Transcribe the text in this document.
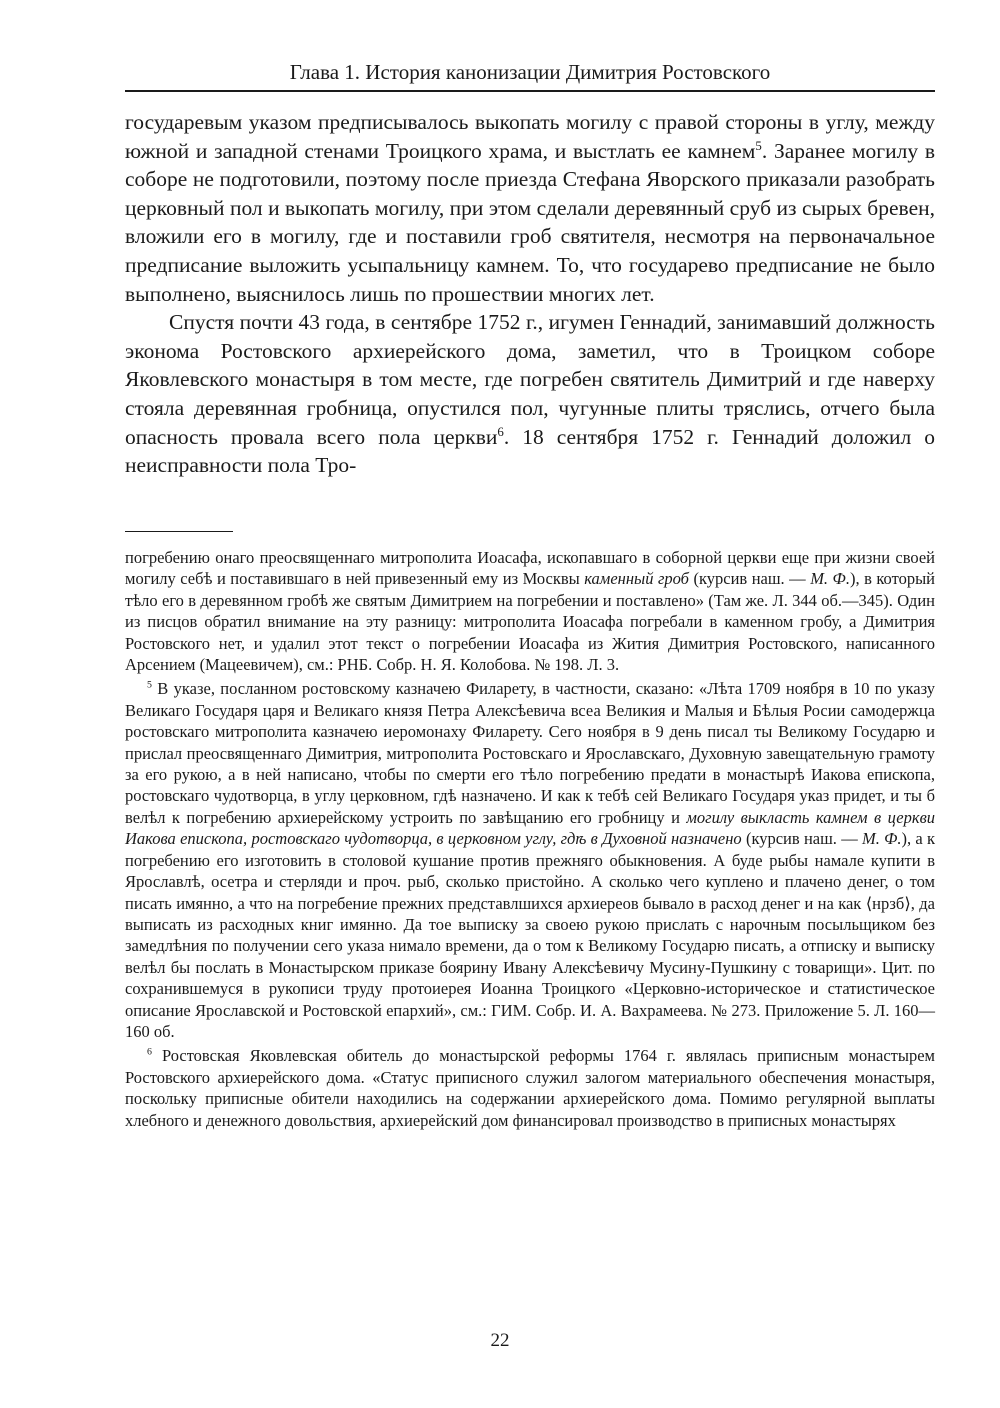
Глава 1. История канонизации Димитрия Ростовского

государевым указом предписывалось выкопать могилу с правой стороны в углу, между южной и западной стенами Троицкого храма, и выстлать ее камнем$^5$. Заранее могилу в соборе не подготовили, поэтому после приезда Стефана Яворского приказали разобрать церковный пол и выкопать могилу, при этом сделали деревянный сруб из сырых бревен, вложили его в могилу, где и поставили гроб святителя, несмотря на первоначальное предписание выложить усыпальницу камнем. То, что государево предписание не было выполнено, выяснилось лишь по прошествии многих лет.

Спустя почти 43 года, в сентябре 1752 г., игумен Геннадий, занимавший должность эконома Ростовского архиерейского дома, заметил, что в Троицком соборе Яковлевского монастыря в том месте, где погребен святитель Димитрий и где наверху стояла деревянная гробница, опустился пол, чугунные плиты тряслись, отчего была опасность провала всего пола церкви$^6$. 18 сентября 1752 г. Геннадий доложил о неисправности пола Тро-

погребению онаго преосвященнаго митрополита Иоасафа, ископавшаго в соборной церкви еще при жизни своей могилу себѣ и поставившаго в ней привезенный ему из Москвы каменный гроб (курсив наш. — М. Ф.), в который тѣло его в деревянном гробѣ же святым Димитрием на погребении и поставлено» (Там же. Л. 344 об.—345). Один из писцов обратил внимание на эту разницу: митрополита Иоасафа погребали в каменном гробу, а Димитрия Ростовского нет, и удалил этот текст о погребении Иоасафа из Жития Димитрия Ростовского, написанного Арсением (Мацеевичем), см.: РНБ. Собр. Н. Я. Колобова. № 198. Л. 3.

$^5$ В указе, посланном ростовскому казначею Филарету, в частности, сказано: «Лѣта 1709 ноября в 10 по указу Великаго Государя царя и Великаго князя Петра Алексѣевича всеа Великия и Малыя и Бѣлыя Росии самодержца ростовскаго митрополита казначею иеромонаху Филарету. Сего ноября в 9 день писал ты Великому Государю и прислал преосвященнаго Димитрия, митрополита Ростовскаго и Ярославскаго, Духовную завещательную грамоту за его рукою, а в ней написано, чтобы по смерти его тѣло погребению предати в монастырѣ Иакова епископа, ростовскаго чудотворца, в углу церковном, гдѣ назначено. И как к тебѣ сей Великаго Государя указ придет, и ты б велѣл к погребению архиерейскому устроить по завѣщанию его гробницу и могилу выкласть камнем в церкви Иакова епископа, ростовскаго чудотворца, в церковном углу, гдѣ в Духовной назначено (курсив наш. — М. Ф.), а к погребению его изготовить в столовой кушание против прежняго обыкновения. А буде рыбы намале купити в Ярославлѣ, осетра и стерляди и проч. рыб, сколько пристойно. А сколько чего куплено и плачено денег, о том писать имянно, а что на погребение прежних представлшихся архиереов бывало в расход денег и на как ⟨нрзб⟩, да выписать из расходных книг имянно. Да тое выписку за своею рукою прислать с нарочным посыльщиком без замедлѣния по получении сего указа нимало времени, да о том к Великому Государю писать, а отписку и выписку велѣл бы послать в Монастырском приказе боярину Ивану Алексѣевичу Мусину-Пушкину с товарищи». Цит. по сохранившемуся в рукописи труду протоиерея Иоанна Троицкого «Церковно-историческое и статистическое описание Ярославской и Ростовской епархий», см.: ГИМ. Собр. И. А. Вахрамеева. № 273. Приложение 5. Л. 160—160 об.

$^6$ Ростовская Яковлевская обитель до монастырской реформы 1764 г. являлась приписным монастырем Ростовского архиерейского дома. «Статус приписного служил залогом материального обеспечения монастыря, поскольку приписные обители находились на содержании архиерейского дома. Помимо регулярной выплаты хлебного и денежного довольствия, архиерейский дом финансировал производство в приписных монастырях

22
